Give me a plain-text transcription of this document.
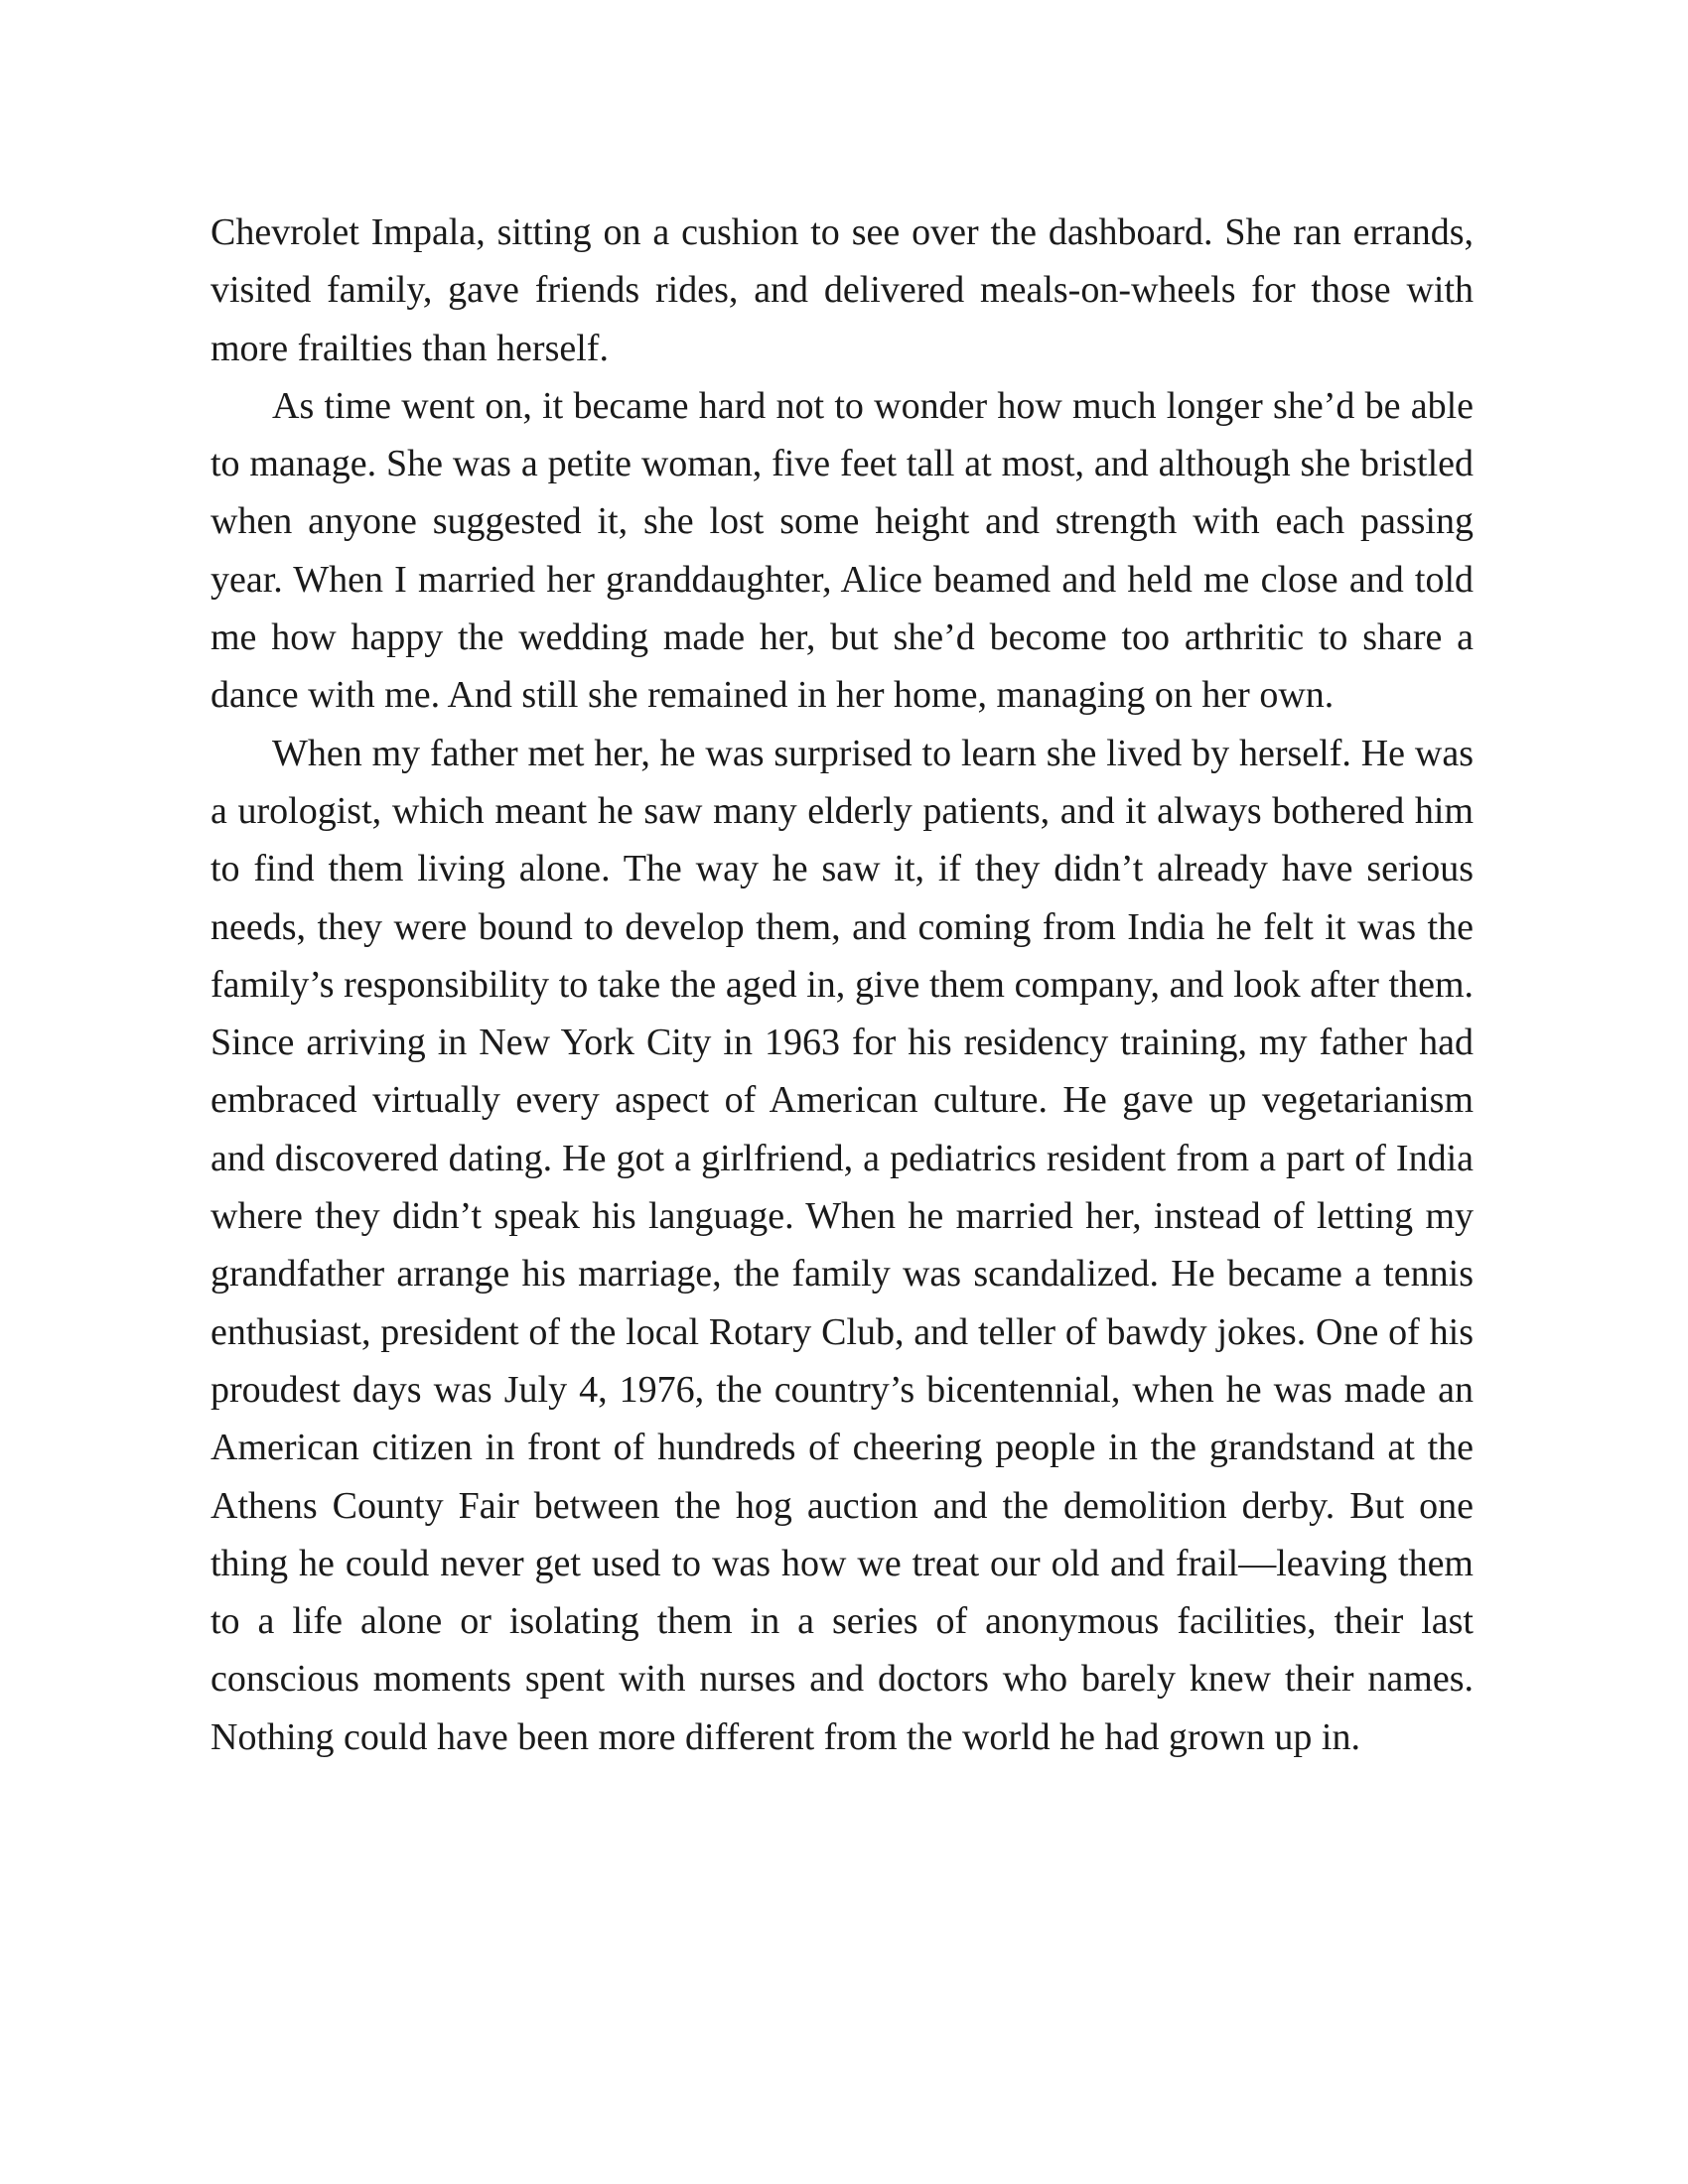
Chevrolet Impala, sitting on a cushion to see over the dashboard. She ran errands, visited family, gave friends rides, and delivered meals-on-wheels for those with more frailties than herself.

As time went on, it became hard not to wonder how much longer she’d be able to manage. She was a petite woman, five feet tall at most, and although she bristled when anyone suggested it, she lost some height and strength with each passing year. When I married her granddaughter, Alice beamed and held me close and told me how happy the wedding made her, but she’d become too arthritic to share a dance with me. And still she remained in her home, managing on her own.

When my father met her, he was surprised to learn she lived by herself. He was a urologist, which meant he saw many elderly patients, and it always bothered him to find them living alone. The way he saw it, if they didn’t already have serious needs, they were bound to develop them, and coming from India he felt it was the family’s responsibility to take the aged in, give them company, and look after them. Since arriving in New York City in 1963 for his residency training, my father had embraced virtually every aspect of American culture. He gave up vegetarianism and discovered dating. He got a girlfriend, a pediatrics resident from a part of India where they didn’t speak his language. When he married her, instead of letting my grandfather arrange his marriage, the family was scandalized. He became a tennis enthusiast, president of the local Rotary Club, and teller of bawdy jokes. One of his proudest days was July 4, 1976, the country’s bicentennial, when he was made an American citizen in front of hundreds of cheering people in the grandstand at the Athens County Fair between the hog auction and the demolition derby. But one thing he could never get used to was how we treat our old and frail—leaving them to a life alone or isolating them in a series of anonymous facilities, their last conscious moments spent with nurses and doctors who barely knew their names. Nothing could have been more different from the world he had grown up in.
